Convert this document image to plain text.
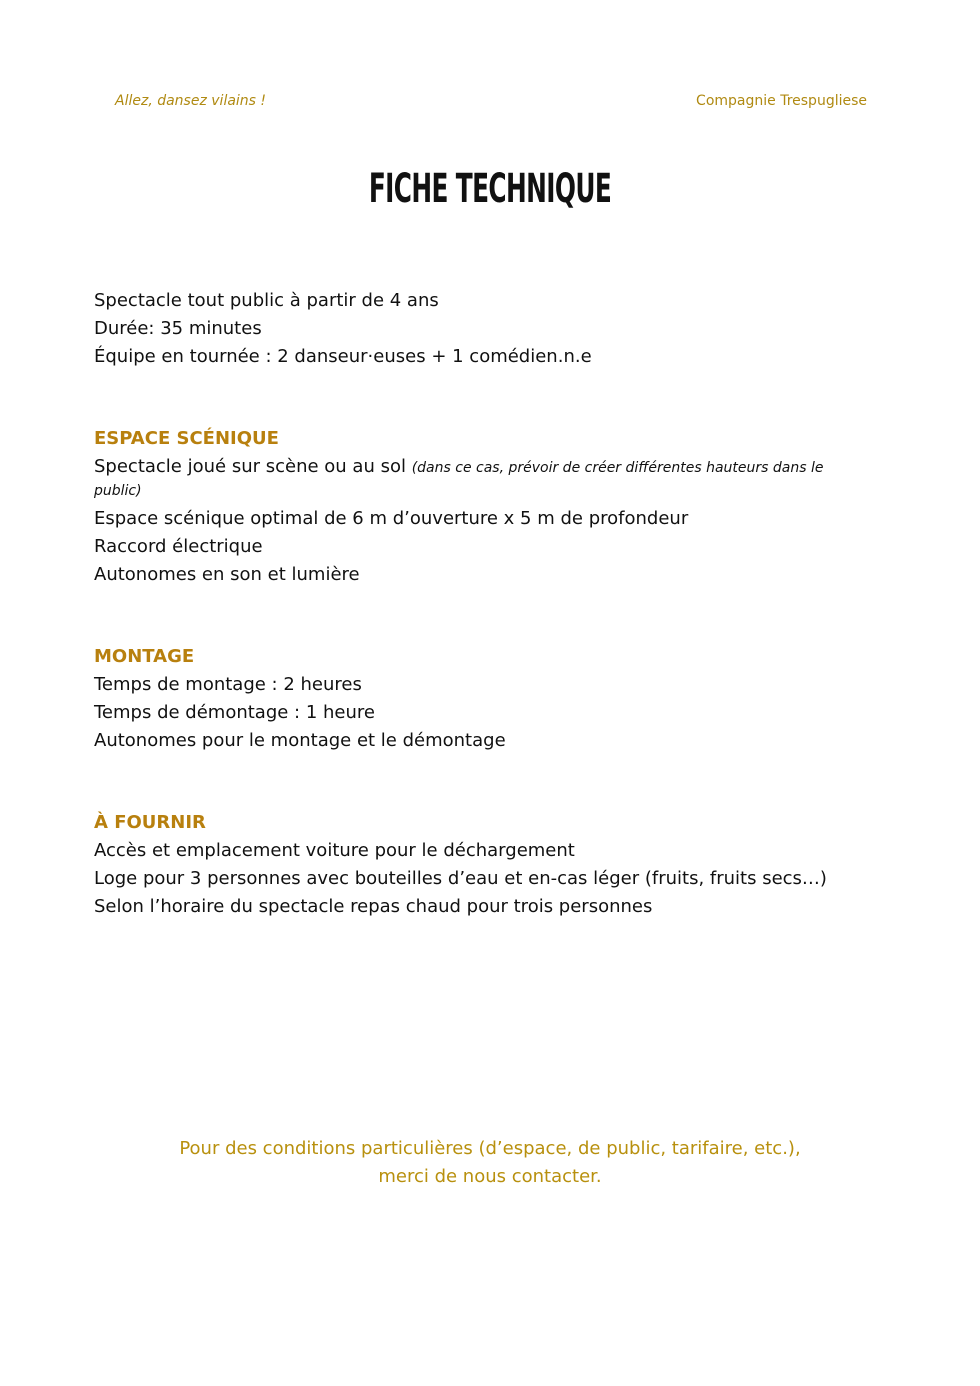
Allez, dansez vilains !	Compagnie Trespugliese
FICHE TECHNIQUE
Spectacle tout public à partir de 4 ans
Durée: 35 minutes
Équipe en tournée : 2 danseur·euses + 1 comédien.n.e
ESPACE SCÉNIQUE
Spectacle joué sur scène ou au sol (dans ce cas, prévoir de créer différentes hauteurs dans le public)
Espace scénique optimal de 6 m d’ouverture x 5 m de profondeur
Raccord électrique
Autonomes en son et lumière
MONTAGE
Temps de montage : 2 heures
Temps de démontage : 1 heure
Autonomes pour le montage et le démontage
À FOURNIR
Accès et emplacement voiture pour le déchargement
Loge pour 3 personnes avec bouteilles d’eau et en-cas léger (fruits, fruits secs…)
Selon l’horaire du spectacle repas chaud pour trois personnes
Pour des conditions particulières (d’espace, de public, tarifaire, etc.),
merci de nous contacter.
